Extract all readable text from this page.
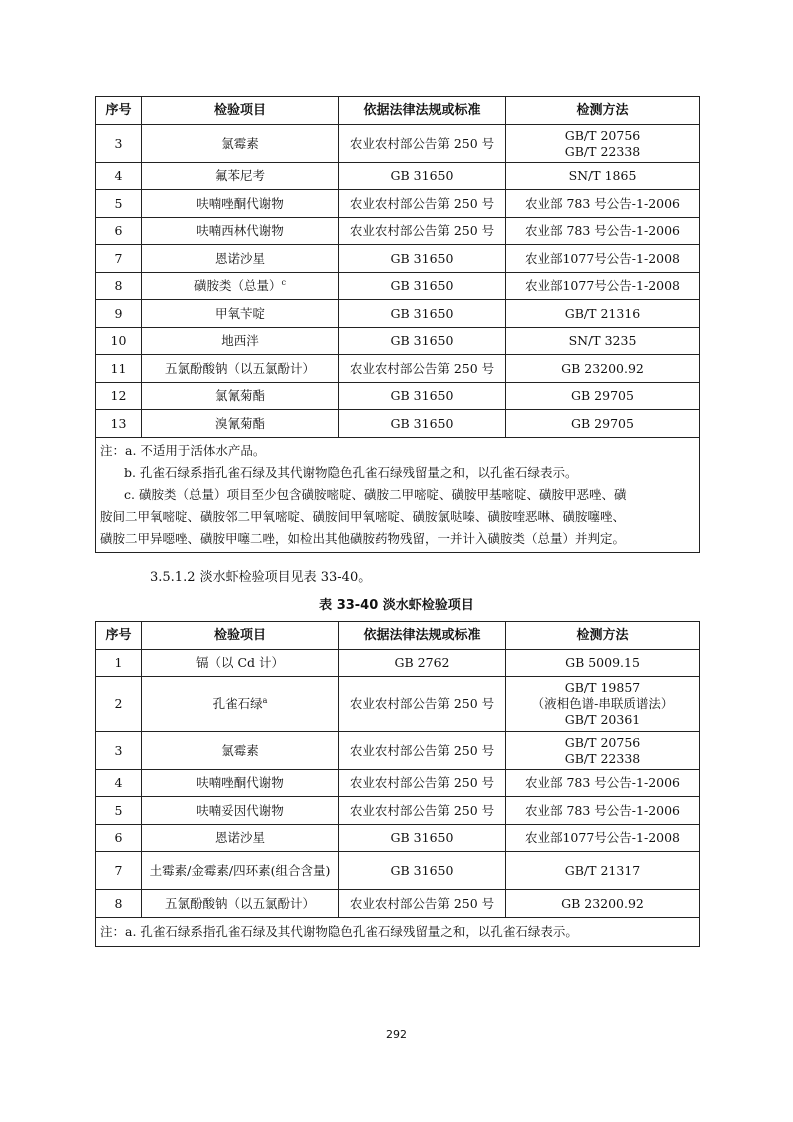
序号	检验项目	依据法律法规或标准	检测方法
3	氯霉素	农业农村部公告第 250 号	GB/T 20756
GB/T 22338

4	氟苯尼考	GB 31650	SN/T 1865

5	呋喃唑酮代谢物	农业农村部公告第 250 号	农业部 783 号公告-1-2006

6	呋喃西林代谢物	农业农村部公告第 250 号	农业部 783 号公告-1-2006

7	恩诺沙星	GB 31650	农业部1077号公告-1-2008

8	磺胺类（总量）$^c$	GB 31650	农业部1077号公告-1-2008

9	甲氧苄啶	GB 31650	GB/T 21316

10	地西泮	GB 31650	SN/T 3235

11	五氯酚酸钠（以五氯酚计）	农业农村部公告第 250 号	GB 23200.92

12	氯氰菊酯	GB 31650	GB 29705

13	溴氰菊酯	GB 31650	GB 29705

注：a. 不适用于活体水产品。
b. 孔雀石绿系指孔雀石绿及其代谢物隐色孔雀石绿残留量之和，以孔雀石绿表示。
c. 磺胺类（总量）项目至少包含磺胺嘧啶、磺胺二甲嘧啶、磺胺甲基嘧啶、磺胺甲恶唑、磺
胺间二甲氧嘧啶、磺胺邻二甲氧嘧啶、磺胺间甲氧嘧啶、磺胺氯哒嗪、磺胺喹恶啉、磺胺噻唑、
磺胺二甲异噁唑、磺胺甲噻二唑，如检出其他磺胺药物残留，一并计入磺胺类（总量）并判定。			
3.5.1.2 淡水虾检验项目见表 33-40。
表 33-40 淡水虾检验项目
序号	检验项目	依据法律法规或标准	检测方法
1	镉（以 Cd 计）	GB 2762	GB 5009.15

2	孔雀石绿$^a$	农业农村部公告第 250 号	GB/T 19857
（液相色谱-串联质谱法）
GB/T 20361

3	氯霉素	农业农村部公告第 250 号	GB/T 20756
GB/T 22338

4	呋喃唑酮代谢物	农业农村部公告第 250 号	农业部 783 号公告-1-2006

5	呋喃妥因代谢物	农业农村部公告第 250 号	农业部 783 号公告-1-2006

6	恩诺沙星	GB 31650	农业部1077号公告-1-2008

7	土霉素/金霉素/四环素(组合含量)	GB 31650	GB/T 21317

8	五氯酚酸钠（以五氯酚计）	农业农村部公告第 250 号	GB 23200.92

注：a. 孔雀石绿系指孔雀石绿及其代谢物隐色孔雀石绿残留量之和，以孔雀石绿表示。			
292
